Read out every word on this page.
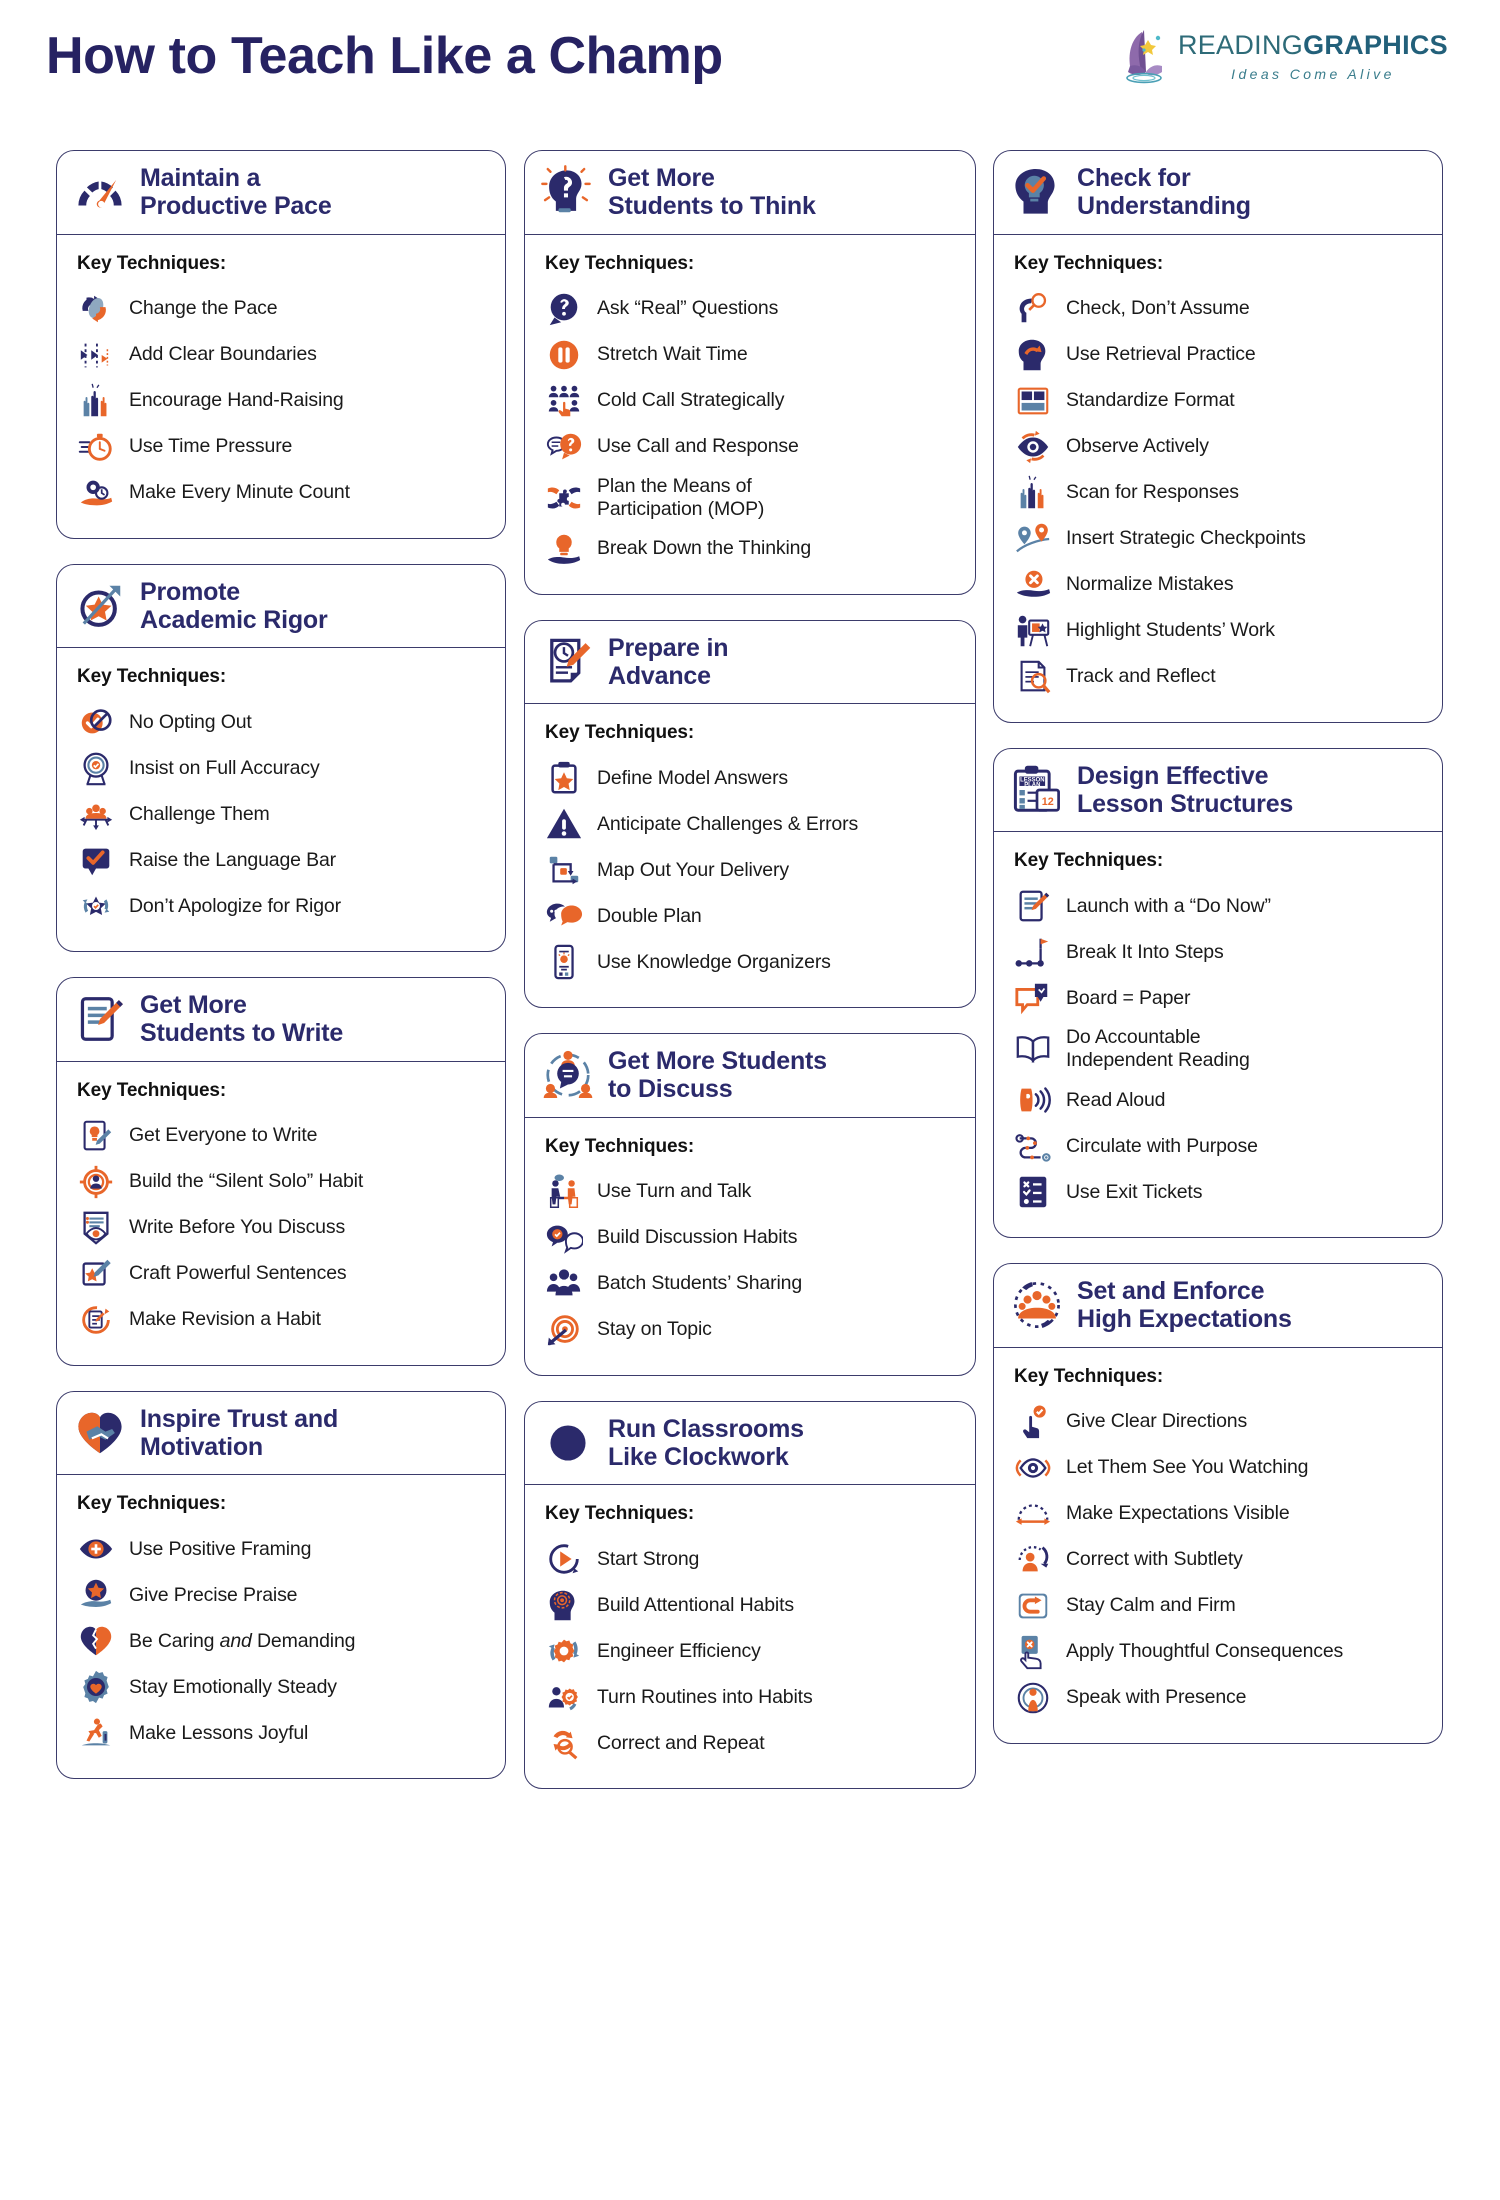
How to Teach Like a Champ	READINGGRAPHICS
Ideas Come Alive
Maintain a
Productive Pace
Key Techniques:
Change the Pace
Add Clear Boundaries
Encourage Hand-Raising
Use Time Pressure
Make Every Minute Count
Promote
Academic Rigor
Key Techniques:
No Opting Out
Insist on Full Accuracy
Challenge Them
Raise the Language Bar
Don’t Apologize for Rigor
Get More
Students to Write
Key Techniques:
Get Everyone to Write
Build the “Silent Solo” Habit
Write Before You Discuss
Craft Powerful Sentences
Make Revision a Habit
Inspire Trust and
Motivation
Key Techniques:
Use Positive Framing
Give Precise Praise
Be Caring and Demanding
Stay Emotionally Steady
Make Lessons Joyful
Get More
Students to Think
Key Techniques:
Ask “Real” Questions
Stretch Wait Time
Cold Call Strategically
Use Call and Response
Plan the Means of
Participation (MOP)
Break Down the Thinking
Prepare in
Advance
Key Techniques:
Define Model Answers
Anticipate Challenges & Errors
Map Out Your Delivery
Double Plan
Use Knowledge Organizers
Get More Students
to Discuss
Key Techniques:
Use Turn and Talk
Build Discussion Habits
Batch Students’ Sharing
Stay on Topic
Run Classrooms
Like Clockwork
Key Techniques:
Start Strong
Build Attentional Habits
Engineer Efficiency
Turn Routines into Habits
Correct and Repeat
Check for
Understanding
Key Techniques:
Check, Don’t Assume
Use Retrieval Practice
Standardize Format
Observe Actively
Scan for Responses
Insert Strategic Checkpoints
Normalize Mistakes
Highlight Students’ Work
Track and Reflect
LESSON
PLAN
12
Design Effective
Lesson Structures
Key Techniques:
Launch with a “Do Now”
Break It Into Steps
Board = Paper
Do Accountable
Independent Reading
Read Aloud
Circulate with Purpose
Use Exit Tickets
Set and Enforce
High Expectations
Key Techniques:
Give Clear Directions
Let Them See You Watching
Make Expectations Visible
Correct with Subtlety
Stay Calm and Firm
Apply Thoughtful Consequences
Speak with Presence
